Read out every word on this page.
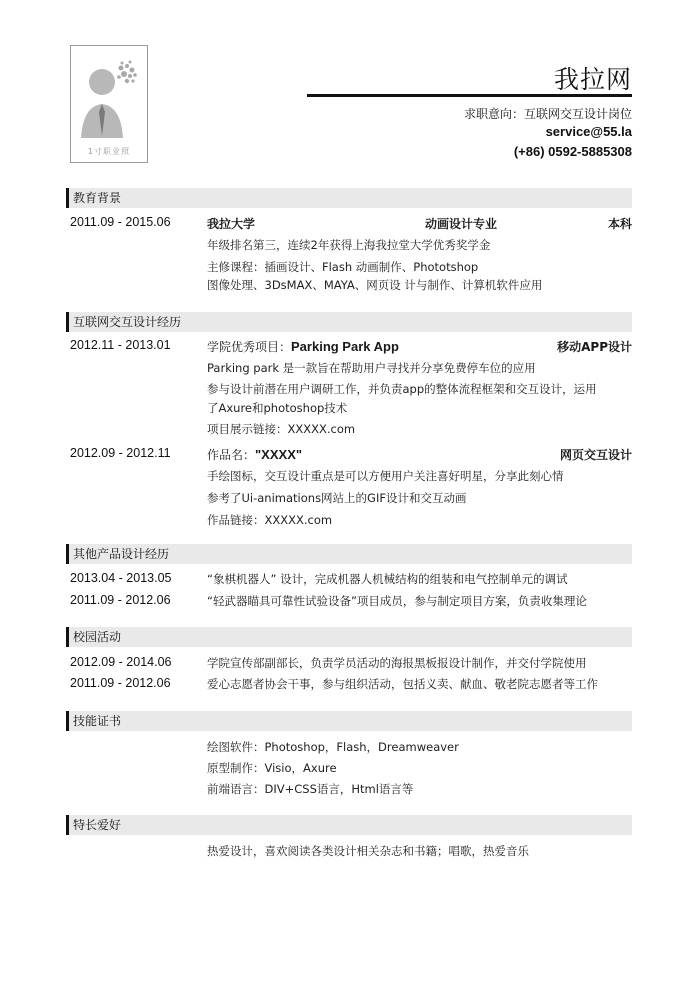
1寸职业照
我拉网
求职意向：互联网交互设计岗位
service@55.la
(+86) 0592-5885308
教育背景
2011.09 - 2015.06	我拉大学	动画设计专业	本科
年级排名第三，连续2年获得上海我拉堂大学优秀奖学金
主修课程：插画设计、Flash 动画制作、Phototshop
图像处理、3DsMAX、MAYA、网页设 计与制作、计算机软件应用
互联网交互设计经历
2012.11 - 2013.01	学院优秀项目：Parking Park App	移动APP设计
Parking park 是一款旨在帮助用户寻找并分享免费停车位的应用
参与设计前潜在用户调研工作，并负责app的整体流程框架和交互设计，运用
了Axure和photoshop技术
项目展示链接：XXXXX.com
2012.09 - 2012.11	作品名："XXXX"	网页交互设计
手绘图标，交互设计重点是可以方便用户关注喜好明星，分享此刻心情
参考了Ui-animations网站上的GIF设计和交互动画
作品链接：XXXXX.com
其他产品设计经历
2013.04 - 2013.05	“象棋机器人” 设计，完成机器人机械结构的组装和电气控制单元的调试
2011.09 - 2012.06	“轻武器瞄具可靠性试验设备”项目成员，参与制定项目方案，负责收集理论
校园活动
2012.09 - 2014.06	学院宣传部副部长，负责学员活动的海报黑板报设计制作，并交付学院使用
2011.09 - 2012.06	爱心志愿者协会干事，参与组织活动，包括义卖、献血、敬老院志愿者等工作
技能证书
绘图软件：Photoshop，Flash，Dreamweaver
原型制作：Visio，Axure
前端语言：DIV+CSS语言，Html语言等
特长爱好
热爱设计，喜欢阅读各类设计相关杂志和书籍；唱歌，热爱音乐
